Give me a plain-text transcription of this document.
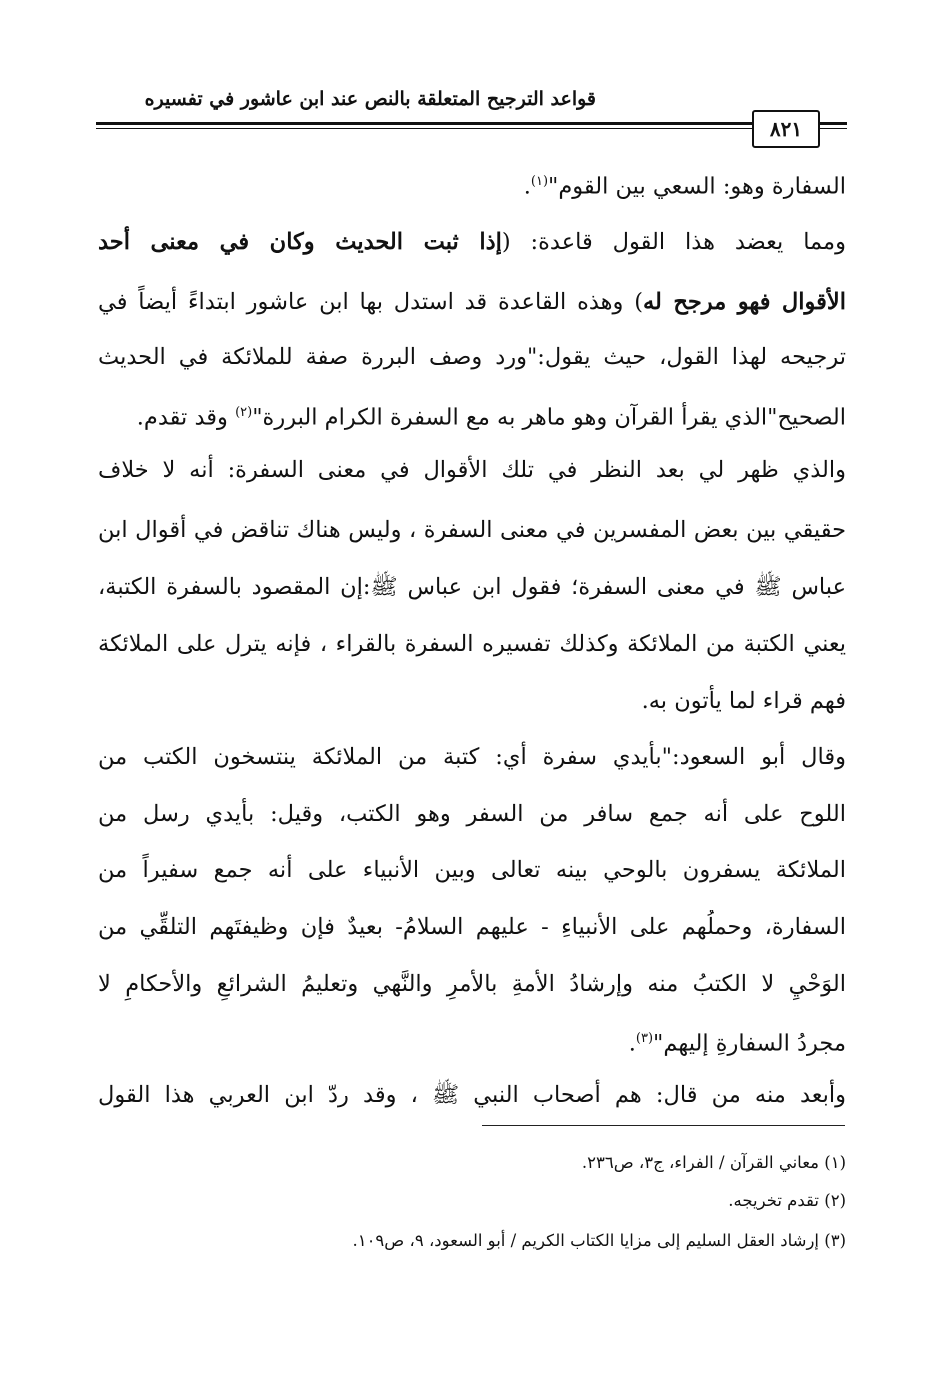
قواعد الترجيح المتعلقة بالنص عند ابن عاشور في تفسيره
٨٢١
السفارة وهو: السعي بين القوم"$^{(١)}$.
ومما يعضد هذا القول قاعدة: (إذا ثبت الحديث وكان في معنى أحد
الأقوال فهو مرجح له) وهذه القاعدة قد استدل بها ابن عاشور ابتداءً أيضاً في
ترجيحه لهذا القول، حيث يقول:"ورد وصف البررة صفة للملائكة في الحديث
الصحيح"الذي يقرأ القرآن وهو ماهر به مع السفرة الكرام البررة"$^{(٢)}$ وقد تقدم.
والذي ظهر لي بعد النظر في تلك الأقوال في معنى السفرة: أنه لا خلاف
حقيقي بين بعض المفسرين في معنى السفرة ، وليس هناك تناقض في أقوال ابن
عباس ﷺ في معنى السفرة؛ فقول ابن عباس ﷺ:إن المقصود بالسفرة الكتبة،
يعني الكتبة من الملائكة وكذلك تفسيره السفرة بالقراء ، فإنه يترل على الملائكة
فهم قراء لما يأتون به.
وقال أبو السعود:"بأيدي سفرة أي: كتبة من الملائكة ينتسخون الكتب من
اللوح على أنه جمع سافر من السفر وهو الكتب، وقيل: بأيدي رسل من
الملائكة يسفرون بالوحي بينه تعالى وبين الأنبياء على أنه جمع سفيراً من
السفارة، وحملُهم على الأنبياءِ - عليهم السلامُ- بعيدٌ فإن وظيفتَهم التلقِّي من
الوَحْيِ لا الكتبُ منه وإرشادُ الأمةِ بالأمرِ والنَّهي وتعليمُ الشرائعِ والأحكامِ لا
مجردُ السفارةِ إليهم"$^{(٣)}$.
وأبعد منه من قال: هم أصحاب النبي ﷺ ، وقد ردّ ابن العربي هذا القول
(١) معاني القرآن / الفراء، ج٣، ص٢٣٦.
(٢) تقدم تخريجه.
(٣) إرشاد العقل السليم إلى مزايا الكتاب الكريم / أبو السعود، ٩، ص١٠٩.
